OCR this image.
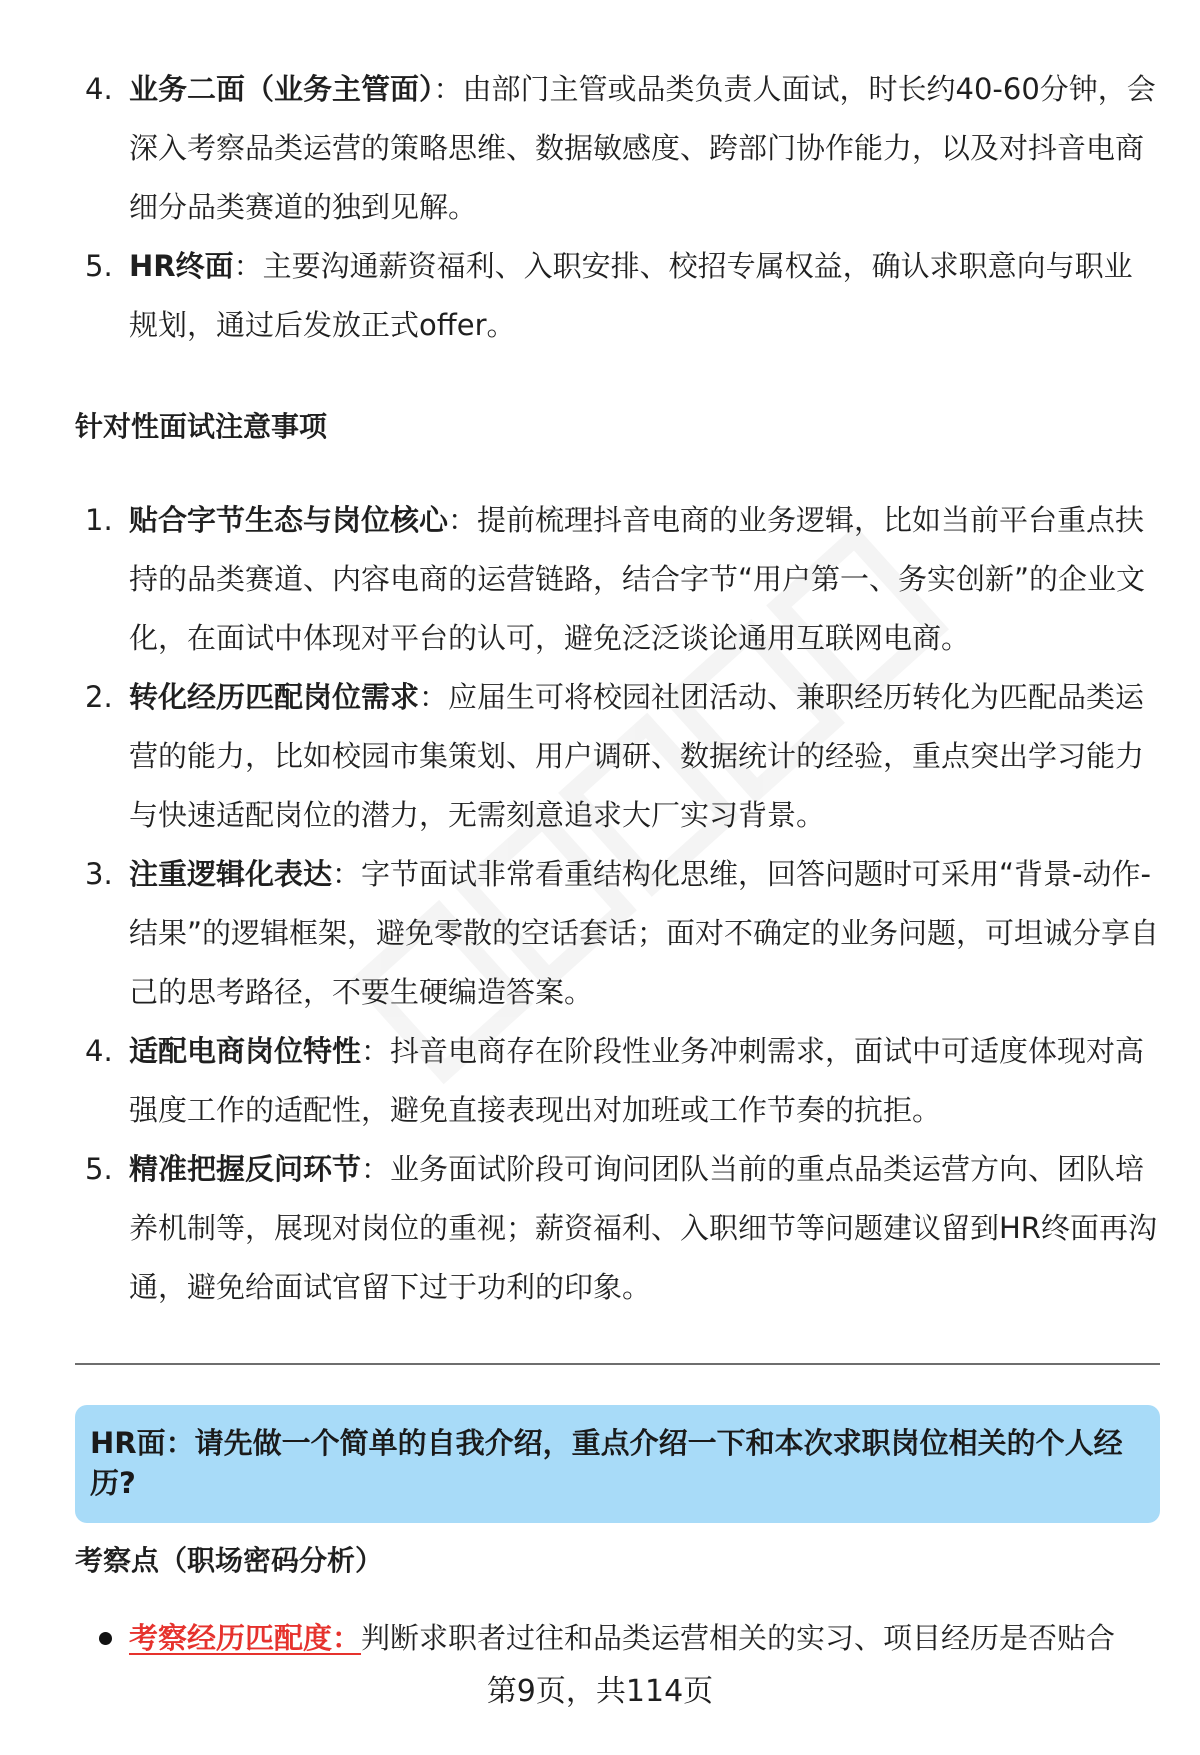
4. 业务二面（业务主管面）：由部门主管或品类负责人面试，时长约40-60分钟，会深入考察品类运营的策略思维、数据敏感度、跨部门协作能力，以及对抖音电商细分品类赛道的独到见解。
5. HR终面：主要沟通薪资福利、入职安排、校招专属权益，确认求职意向与职业规划，通过后发放正式offer。
针对性面试注意事项
1. 贴合字节生态与岗位核心：提前梳理抖音电商的业务逻辑，比如当前平台重点扶持的品类赛道、内容电商的运营链路，结合字节“用户第一、务实创新”的企业文化，在面试中体现对平台的认可，避免泛泛谈论通用互联网电商。
2. 转化经历匹配岗位需求：应届生可将校园社团活动、兼职经历转化为匹配品类运营的能力，比如校园市集策划、用户调研、数据统计的经验，重点突出学习能力与快速适配岗位的潜力，无需刻意追求大厂实习背景。
3. 注重逻辑化表达：字节面试非常看重结构化思维，回答问题时可采用“背景-动作-结果”的逻辑框架，避免零散的空话套话；面对不确定的业务问题，可坦诚分享自己的思考路径，不要生硬编造答案。
4. 适配电商岗位特性：抖音电商存在阶段性业务冲刺需求，面试中可适度体现对高强度工作的适配性，避免直接表现出对加班或工作节奏的抗拒。
5. 精准把握反问环节：业务面试阶段可询问团队当前的重点品类运营方向、团队培养机制等，展现对岗位的重视；薪资福利、入职细节等问题建议留到HR终面再沟通，避免给面试官留下过于功利的印象。
HR面：请先做一个简单的自我介绍，重点介绍一下和本次求职岗位相关的个人经历?
考察点（职场密码分析）
考察经历匹配度：判断求职者过往和品类运营相关的实习、项目经历是否贴合
第9页，共114页
